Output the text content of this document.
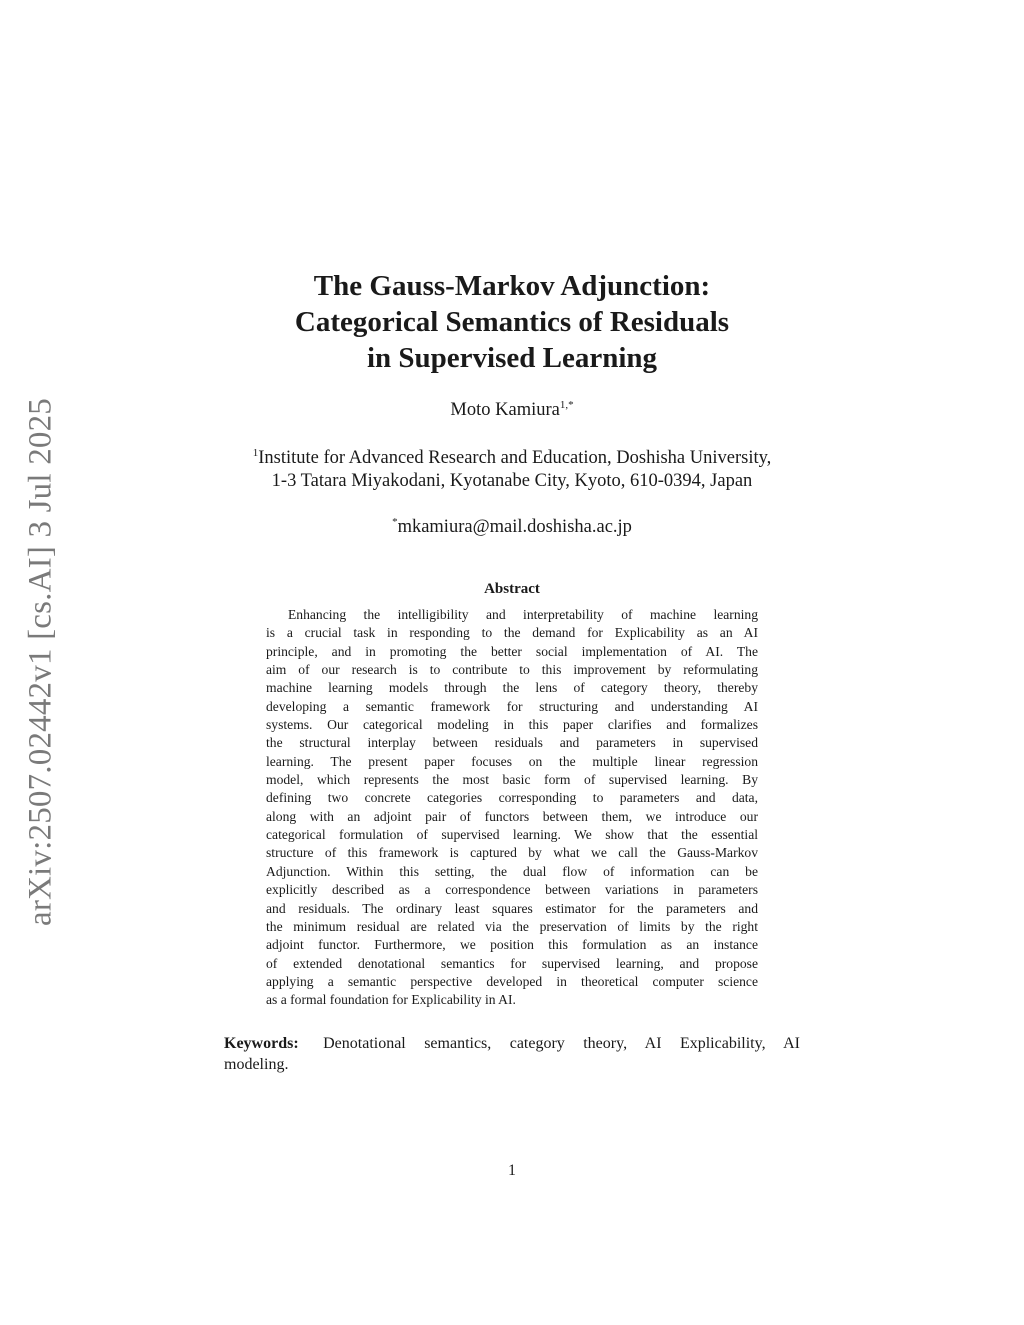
arXiv:2507.02442v1 [cs.AI] 3 Jul 2025
The Gauss-Markov Adjunction:
Categorical Semantics of Residuals
in Supervised Learning
Moto Kamiura$^{1,*}$
$^1$Institute for Advanced Research and Education, Doshisha University,
1-3 Tatara Miyakodani, Kyotanabe City, Kyoto, 610-0394, Japan
*mkamiura@mail.doshisha.ac.jp
Abstract
Enhancing the intelligibility and interpretability of machine learning
is a crucial task in responding to the demand for Explicability as an AI
principle, and in promoting the better social implementation of AI. The
aim of our research is to contribute to this improvement by reformulating
machine learning models through the lens of category theory, thereby
developing a semantic framework for structuring and understanding AI
systems. Our categorical modeling in this paper clarifies and formalizes
the structural interplay between residuals and parameters in supervised
learning. The present paper focuses on the multiple linear regression
model, which represents the most basic form of supervised learning. By
defining two concrete categories corresponding to parameters and data,
along with an adjoint pair of functors between them, we introduce our
categorical formulation of supervised learning. We show that the essential
structure of this framework is captured by what we call the Gauss-Markov
Adjunction. Within this setting, the dual flow of information can be
explicitly described as a correspondence between variations in parameters
and residuals. The ordinary least squares estimator for the parameters and
the minimum residual are related via the preservation of limits by the right
adjoint functor. Furthermore, we position this formulation as an instance
of extended denotational semantics for supervised learning, and propose
applying a semantic perspective developed in theoretical computer science
as a formal foundation for Explicability in AI.
Keywords: Denotational semantics, category theory, AI Explicability, AI
modeling.
1
